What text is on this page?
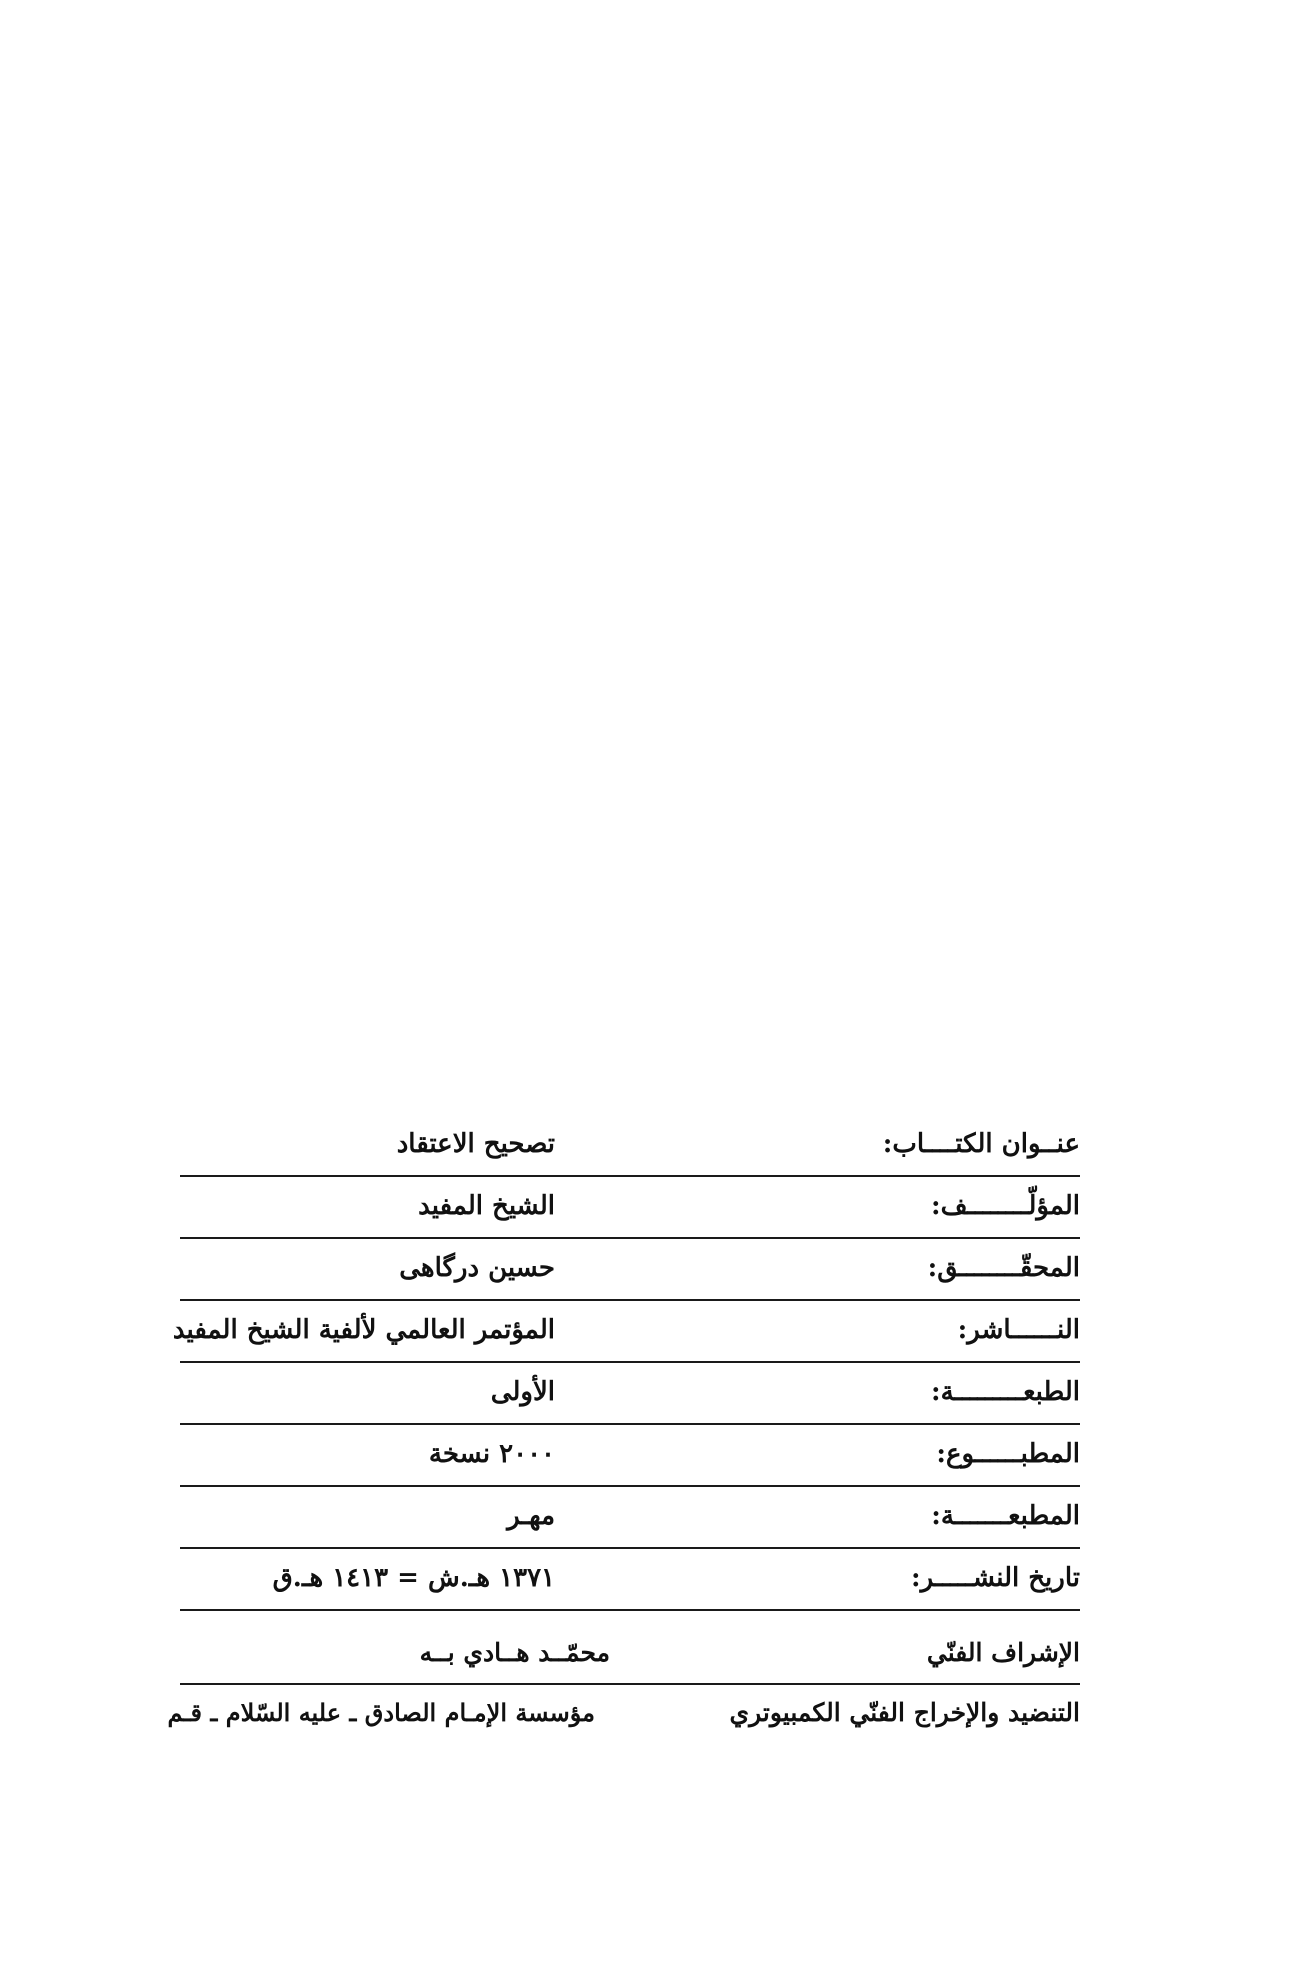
عنــوان الكتــــاب:
تصحيح الاعتقاد
المؤلّــــــــف:
الشيخ المفيد
المحقّــــــــق:
حسين درگاهی
النــــــاشر:
المؤتمر العالمي لألفية الشيخ المفيد
الطبعـــــــــة:
الأولى
المطبــــــوع:
۲۰۰۰ نسخة
المطبعـــــــة:
مهـر
تاريخ النشـــــر:
۱۳۷۱ هـ.ش = ۱٤۱۳ هـ.ق
الإشراف الفنّي
محمّــد هــادي بــه
التنضيد والإخراج الفنّي الكمبيوتري
مؤسسة الإمـام الصادق ـ عليه السّلام ـ قـم
